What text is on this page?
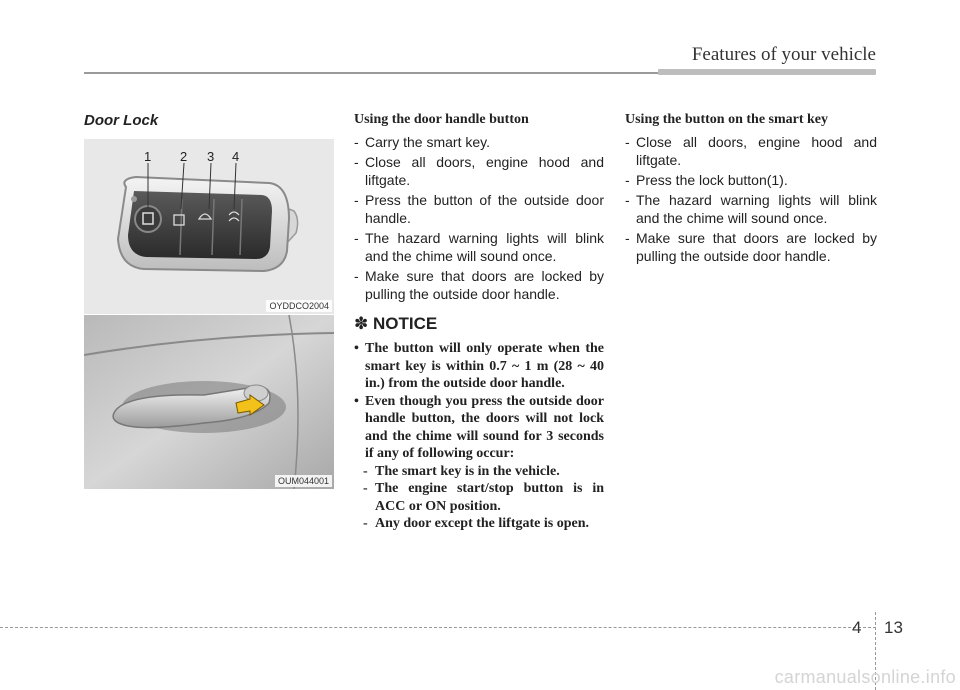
Features of your vehicle
Door Lock
1 2 3 4
OYDDCO2004
OUM044001
Using the door handle button
- Carry the smart key.
- Close all doors, engine hood and liftgate.
- Press the button of the outside door handle.
- The hazard warning lights will blink and the chime will sound once.
- Make sure that doors are locked by pulling the outside door handle.
✽ NOTICE
• The button will only operate when the smart key is within 0.7 ~ 1 m (28 ~ 40 in.) from the outside door handle.
• Even though you press the outside door handle button, the doors will not lock and the chime will sound for 3 seconds if any of following occur:
- The smart key is in the vehicle.
- The engine start/stop button is in ACC or ON position.
- Any door except the liftgate is open.
Using the button on the smart key
- Close all doors, engine hood and liftgate.
- Press the lock button(1).
- The hazard warning lights will blink and the chime will sound once.
- Make sure that doors are locked by pulling the outside door handle.
4 13
carmanualsonline.info
